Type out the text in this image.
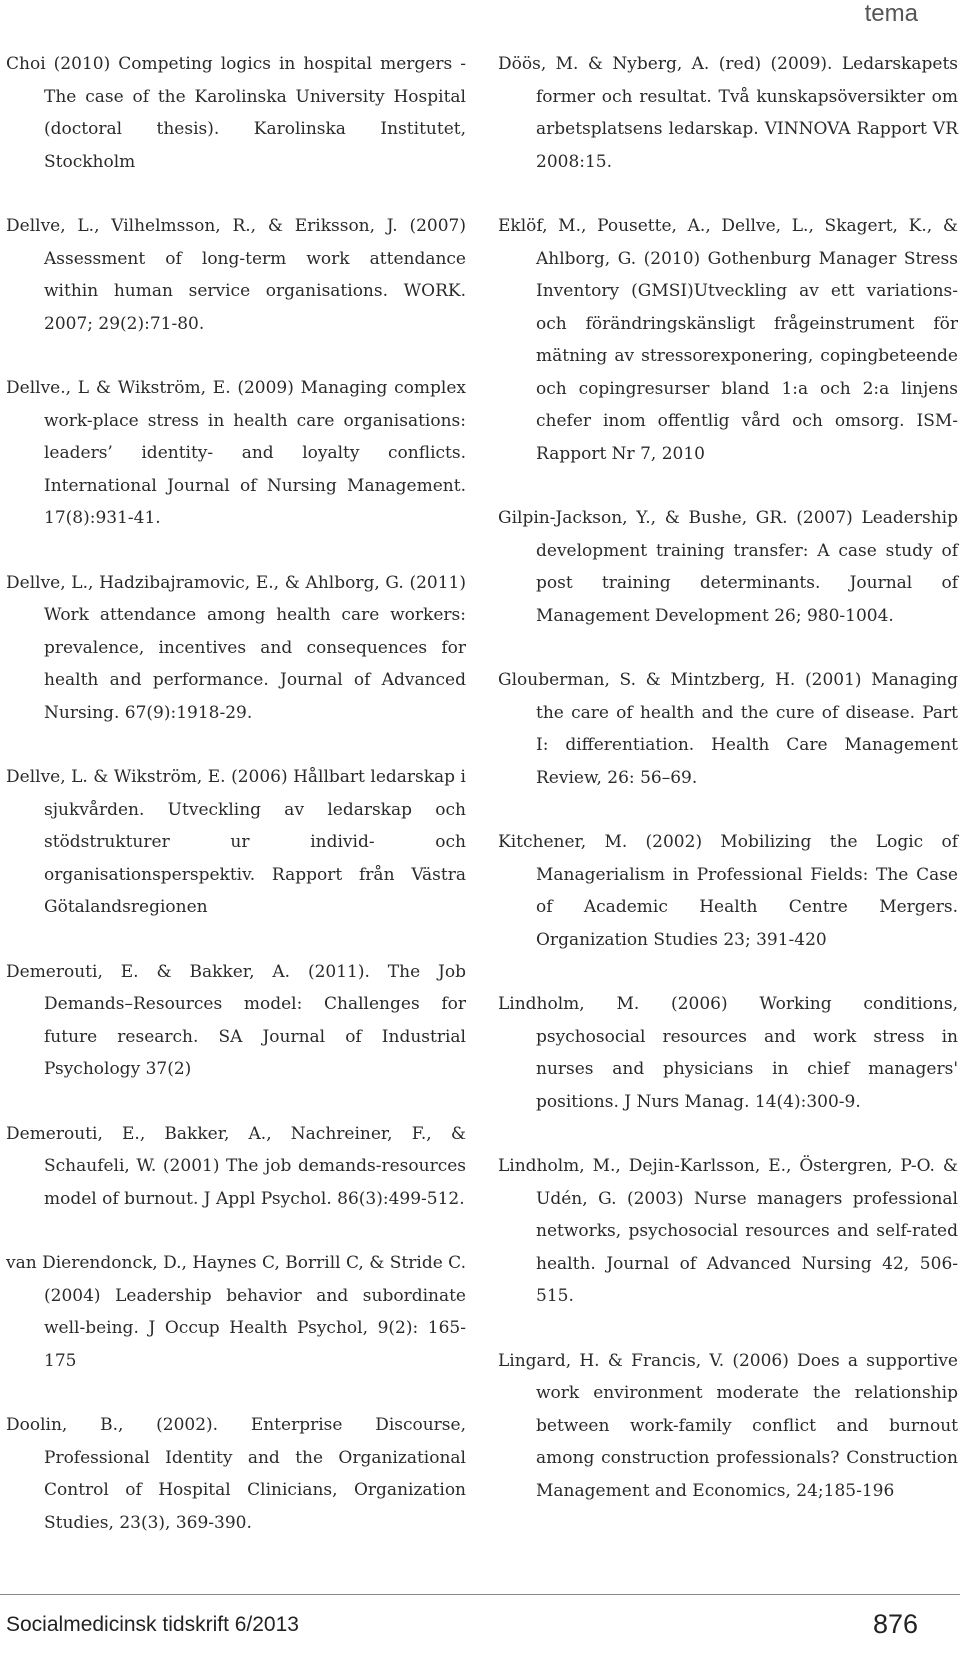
tema

Choi (2010) Competing logics in hospital mergers - The case of the Karolinska University Hospital (doctoral thesis). Karolinska Institutet, Stockholm

Dellve, L., Vilhelmsson, R., & Eriksson, J. (2007) Assessment of long-term work attendance within human service organisations. WORK. 2007; 29(2):71-80.

Dellve., L & Wikström, E. (2009) Managing complex work-place stress in health care organisations: leaders’ identity- and loyalty conflicts. International Journal of Nursing Management. 17(8):931-41.

Dellve, L., Hadzibajramovic, E., & Ahlborg, G. (2011) Work attendance among health care workers: prevalence, incentives and consequences for health and performance. Journal of Advanced Nursing. 67(9):1918-29.

Dellve, L. & Wikström, E. (2006) Hållbart ledarskap i sjukvården. Utveckling av ledarskap och stödstrukturer ur individ- och organisationsperspektiv. Rapport från Västra Götalandsregionen

Demerouti, E. & Bakker, A. (2011). The Job Demands–Resources model: Challenges for future research. SA Journal of Industrial Psychology 37(2)

Demerouti, E., Bakker, A., Nachreiner, F., & Schaufeli, W. (2001) The job demands-resources model of burnout. J Appl Psychol. 86(3):499-512.

van Dierendonck, D., Haynes C, Borrill C, & Stride C. (2004) Leadership behavior and subordinate well-being. J Occup Health Psychol, 9(2): 165-175

Doolin, B., (2002). Enterprise Discourse, Professional Identity and the Organizational Control of Hospital Clinicians, Organization Studies, 23(3), 369-390.

Döös, M. & Nyberg, A. (red) (2009). Ledarskapets former och resultat. Två kunskapsöversikter om arbetsplatsens ledarskap. VINNOVA Rapport VR 2008:15.

Eklöf, M., Pousette, A., Dellve, L., Skagert, K., & Ahlborg, G. (2010) Gothenburg Manager Stress Inventory (GMSI)Utveckling av ett variations- och förändringskänsligt frågeinstrument för mätning av stressorexponering, copingbeteende och copingresurser bland 1:a och 2:a linjens chefer inom offentlig vård och omsorg. ISM-Rapport Nr 7, 2010

Gilpin-Jackson, Y., & Bushe, GR. (2007) Leadership development training transfer: A case study of post training determinants. Journal of Management Development 26; 980-1004.

Glouberman, S. & Mintzberg, H. (2001) Managing the care of health and the cure of disease. Part I: differentiation. Health Care Management Review, 26: 56–69.

Kitchener, M. (2002) Mobilizing the Logic of Managerialism in Professional Fields: The Case of Academic Health Centre Mergers. Organization Studies 23; 391-420

Lindholm, M. (2006) Working conditions, psychosocial resources and work stress in nurses and physicians in chief managers' positions. J Nurs Manag. 14(4):300-9.

Lindholm, M., Dejin-Karlsson, E., Östergren, P-O. & Udén, G. (2003) Nurse managers professional networks, psychosocial resources and self-rated health. Journal of Advanced Nursing 42, 506-515.

Lingard, H. & Francis, V. (2006) Does a supportive work environment moderate the relationship between work-family conflict and burnout among construction professionals? Construction Management and Economics, 24;185-196

Socialmedicinsk tidskrift 6/2013	876
